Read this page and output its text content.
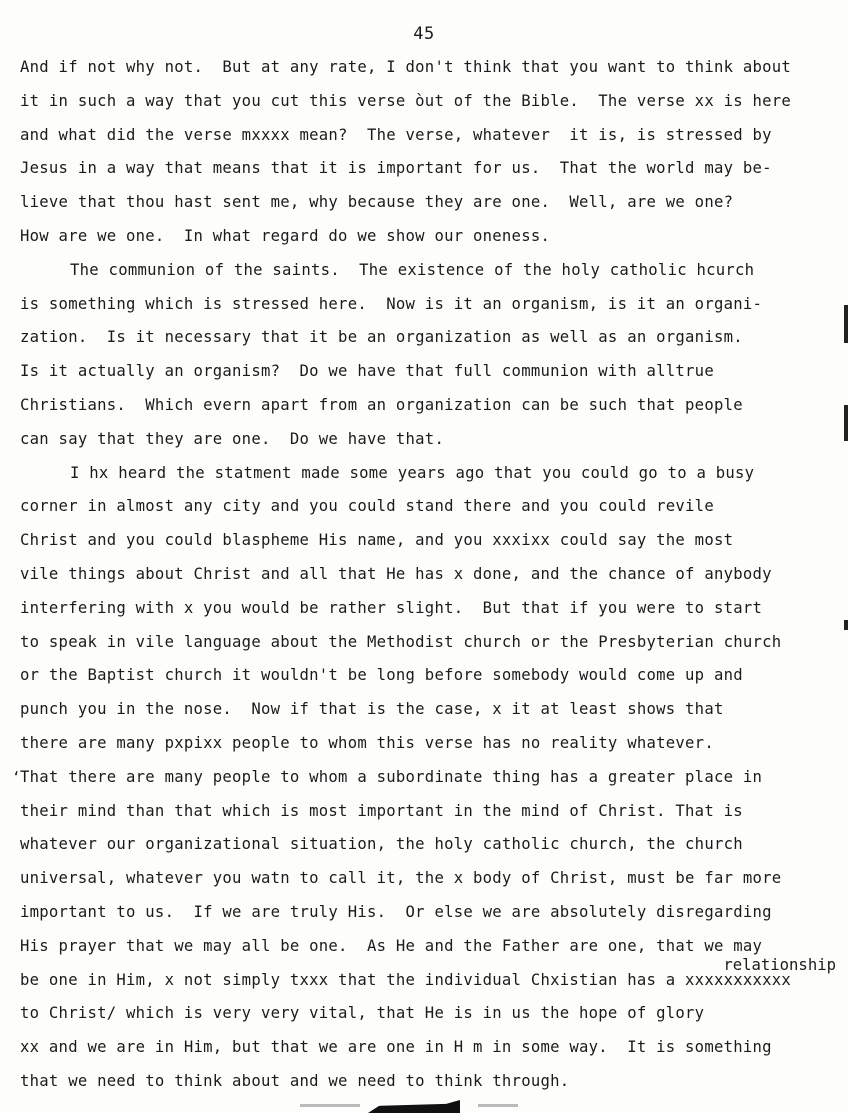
45
And if not why not.  But at any rate, I don't think that you want to think about
it in such a way that you cut this verse òut of the Bible.  The verse xx is here
and what did the verse mxxxx mean?  The verse, whatever  it is, is stressed by
Jesus in a way that means that it is important for us.  That the world may be-
lieve that thou hast sent me, why because they are one.  Well, are we one?
How are we one.  In what regard do we show our oneness.
The communion of the saints.  The existence of the holy catholic hcurch
is something which is stressed here.  Now is it an organism, is it an organi-
zation.  Is it necessary that it be an organization as well as an organism.
Is it actually an organism?  Do we have that full communion with alltrue
Christians.  Which evern apart from an organization can be such that people
can say that they are one.  Do we have that.
I hx heard the statment made some years ago that you could go to a busy
corner in almost any city and you could stand there and you could revile
Christ and you could blaspheme His name, and you xxxixx could say the most
vile things about Christ and all that He has x done, and the chance of anybody
interfering with x you would be rather slight.  But that if you were to start
to speak in vile language about the Methodist church or the Presbyterian church
or the Baptist church it wouldn't be long before somebody would come up and
punch you in the nose.  Now if that is the case, x it at least shows that
there are many pxpixx people to whom this verse has no reality whatever.
That there are many people to whom a subordinate thing has a greater place in
their mind than that which is most important in the mind of Christ. That is
whatever our organizational situation, the holy catholic church, the church
universal, whatever you watn to call it, the x body of Christ, must be far more
important to us.  If we are truly His.  Or else we are absolutely disregarding
His prayer that we may all be one.  As He and the Father are one, that we may
be one in Him, x not simply txxx that the individual Chxistian has a xxxxxxxxxxx
to Christ/ which is very very vital, that He is in us the hope of glory
xx and we are in Him, but that we are one in H m in some way.  It is something
that we need to think about and we need to think through.
relationship
‘
